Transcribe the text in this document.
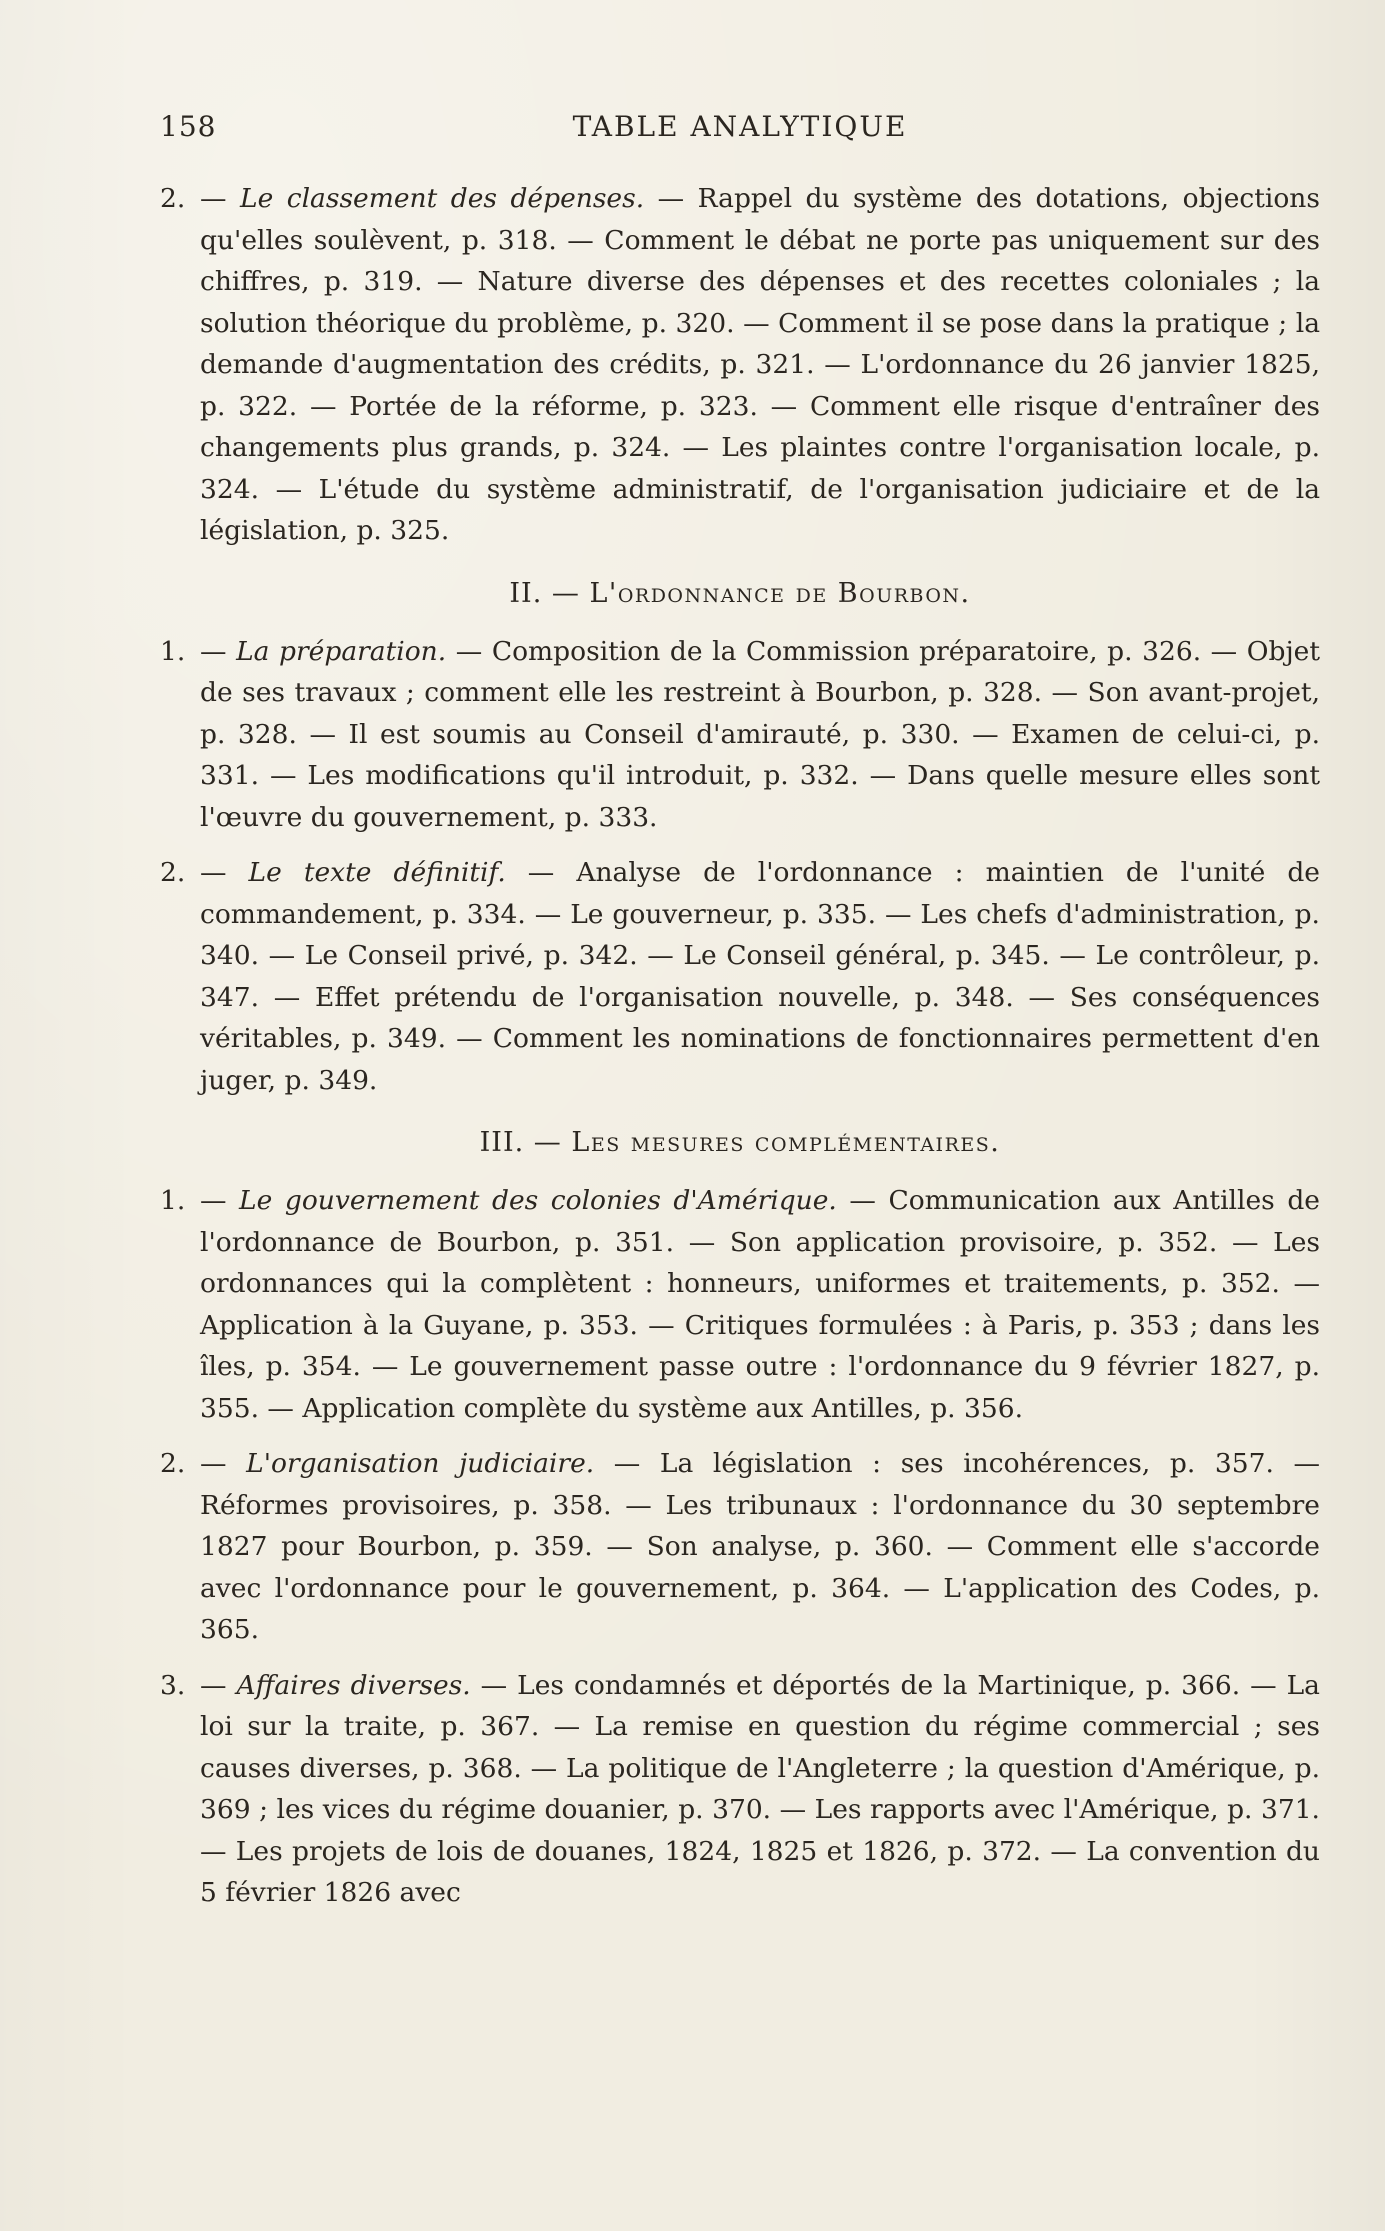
158	TABLE ANALYTIQUE

2. — Le classement des dépenses. — Rappel du système des dotations, objections qu'elles soulèvent, p. 318. — Comment le débat ne porte pas uniquement sur des chiffres, p. 319. — Nature diverse des dépenses et des recettes coloniales ; la solution théorique du problème, p. 320. — Comment il se pose dans la pratique ; la demande d'augmentation des crédits, p. 321. — L'ordonnance du 26 janvier 1825, p. 322. — Portée de la réforme, p. 323. — Comment elle risque d'entraîner des changements plus grands, p. 324. — Les plaintes contre l'organisation locale, p. 324. — L'étude du système administratif, de l'organisation judiciaire et de la législation, p. 325.

II. — L'ordonnance de Bourbon.

1. — La préparation. — Composition de la Commission préparatoire, p. 326. — Objet de ses travaux ; comment elle les restreint à Bourbon, p. 328. — Son avant-projet, p. 328. — Il est soumis au Conseil d'amirauté, p. 330. — Examen de celui-ci, p. 331. — Les modifications qu'il introduit, p. 332. — Dans quelle mesure elles sont l'œuvre du gouvernement, p. 333.

2. — Le texte définitif. — Analyse de l'ordonnance : maintien de l'unité de commandement, p. 334. — Le gouverneur, p. 335. — Les chefs d'administration, p. 340. — Le Conseil privé, p. 342. — Le Conseil général, p. 345. — Le contrôleur, p. 347. — Effet prétendu de l'organisation nouvelle, p. 348. — Ses conséquences véritables, p. 349. — Comment les nominations de fonctionnaires permettent d'en juger, p. 349.

III. — Les mesures complémentaires.

1. — Le gouvernement des colonies d'Amérique. — Communication aux Antilles de l'ordonnance de Bourbon, p. 351. — Son application provisoire, p. 352. — Les ordonnances qui la complètent : honneurs, uniformes et traitements, p. 352. — Application à la Guyane, p. 353. — Critiques formulées : à Paris, p. 353 ; dans les îles, p. 354. — Le gouvernement passe outre : l'ordonnance du 9 février 1827, p. 355. — Application complète du système aux Antilles, p. 356.

2. — L'organisation judiciaire. — La législation : ses incohérences, p. 357. — Réformes provisoires, p. 358. — Les tribunaux : l'ordonnance du 30 septembre 1827 pour Bourbon, p. 359. — Son analyse, p. 360. — Comment elle s'accorde avec l'ordonnance pour le gouvernement, p. 364. — L'application des Codes, p. 365.

3. — Affaires diverses. — Les condamnés et déportés de la Martinique, p. 366. — La loi sur la traite, p. 367. — La remise en question du régime commercial ; ses causes diverses, p. 368. — La politique de l'Angleterre ; la question d'Amérique, p. 369 ; les vices du régime douanier, p. 370. — Les rapports avec l'Amérique, p. 371. — Les projets de lois de douanes, 1824, 1825 et 1826, p. 372. — La convention du 5 février 1826 avec
